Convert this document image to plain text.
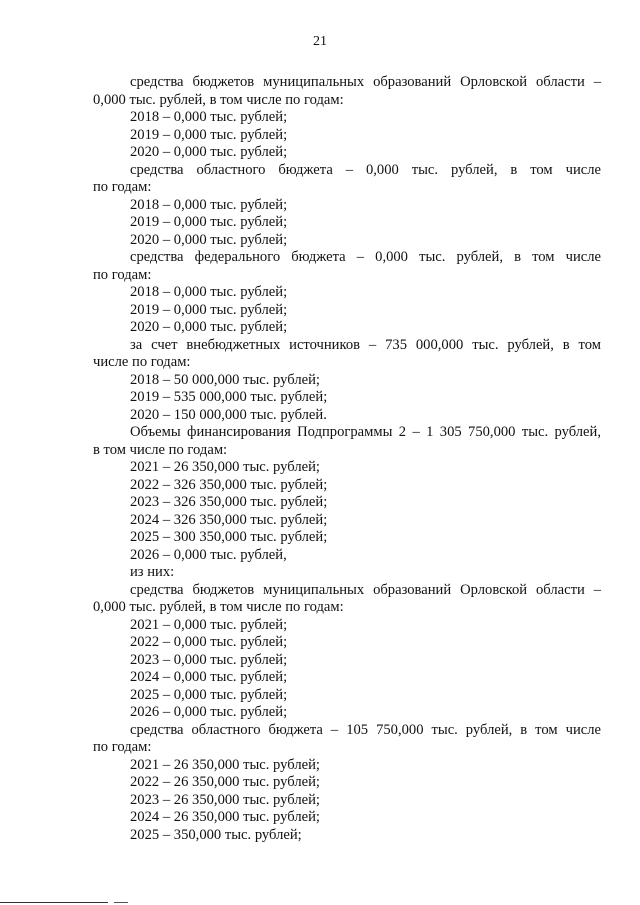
21
средства бюджетов муниципальных образований Орловской области –
0,000 тыс. рублей, в том числе по годам:
2018 – 0,000 тыс. рублей;
2019 – 0,000 тыс. рублей;
2020 – 0,000 тыс. рублей;
средства областного бюджета – 0,000 тыс. рублей, в том числе
по годам:
2018 – 0,000 тыс. рублей;
2019 – 0,000 тыс. рублей;
2020 – 0,000 тыс. рублей;
средства федерального бюджета – 0,000 тыс. рублей, в том числе
по годам:
2018 – 0,000 тыс. рублей;
2019 – 0,000 тыс. рублей;
2020 – 0,000 тыс. рублей;
за счет внебюджетных источников – 735 000,000 тыс. рублей, в том
числе по годам:
2018 – 50 000,000 тыс. рублей;
2019 – 535 000,000 тыс. рублей;
2020 – 150 000,000 тыс. рублей.
Объемы финансирования Подпрограммы 2 – 1 305 750,000 тыс. рублей,
в том числе по годам:
2021 – 26 350,000 тыс. рублей;
2022 – 326 350,000 тыс. рублей;
2023 – 326 350,000 тыс. рублей;
2024 – 326 350,000 тыс. рублей;
2025 – 300 350,000 тыс. рублей;
2026 – 0,000 тыс. рублей,
из них:
средства бюджетов муниципальных образований Орловской области –
0,000 тыс. рублей, в том числе по годам:
2021 – 0,000 тыс. рублей;
2022 – 0,000 тыс. рублей;
2023 – 0,000 тыс. рублей;
2024 – 0,000 тыс. рублей;
2025 – 0,000 тыс. рублей;
2026 – 0,000 тыс. рублей;
средства областного бюджета – 105 750,000 тыс. рублей, в том числе
по годам:
2021 – 26 350,000 тыс. рублей;
2022 – 26 350,000 тыс. рублей;
2023 – 26 350,000 тыс. рублей;
2024 – 26 350,000 тыс. рублей;
2025 – 350,000 тыс. рублей;
